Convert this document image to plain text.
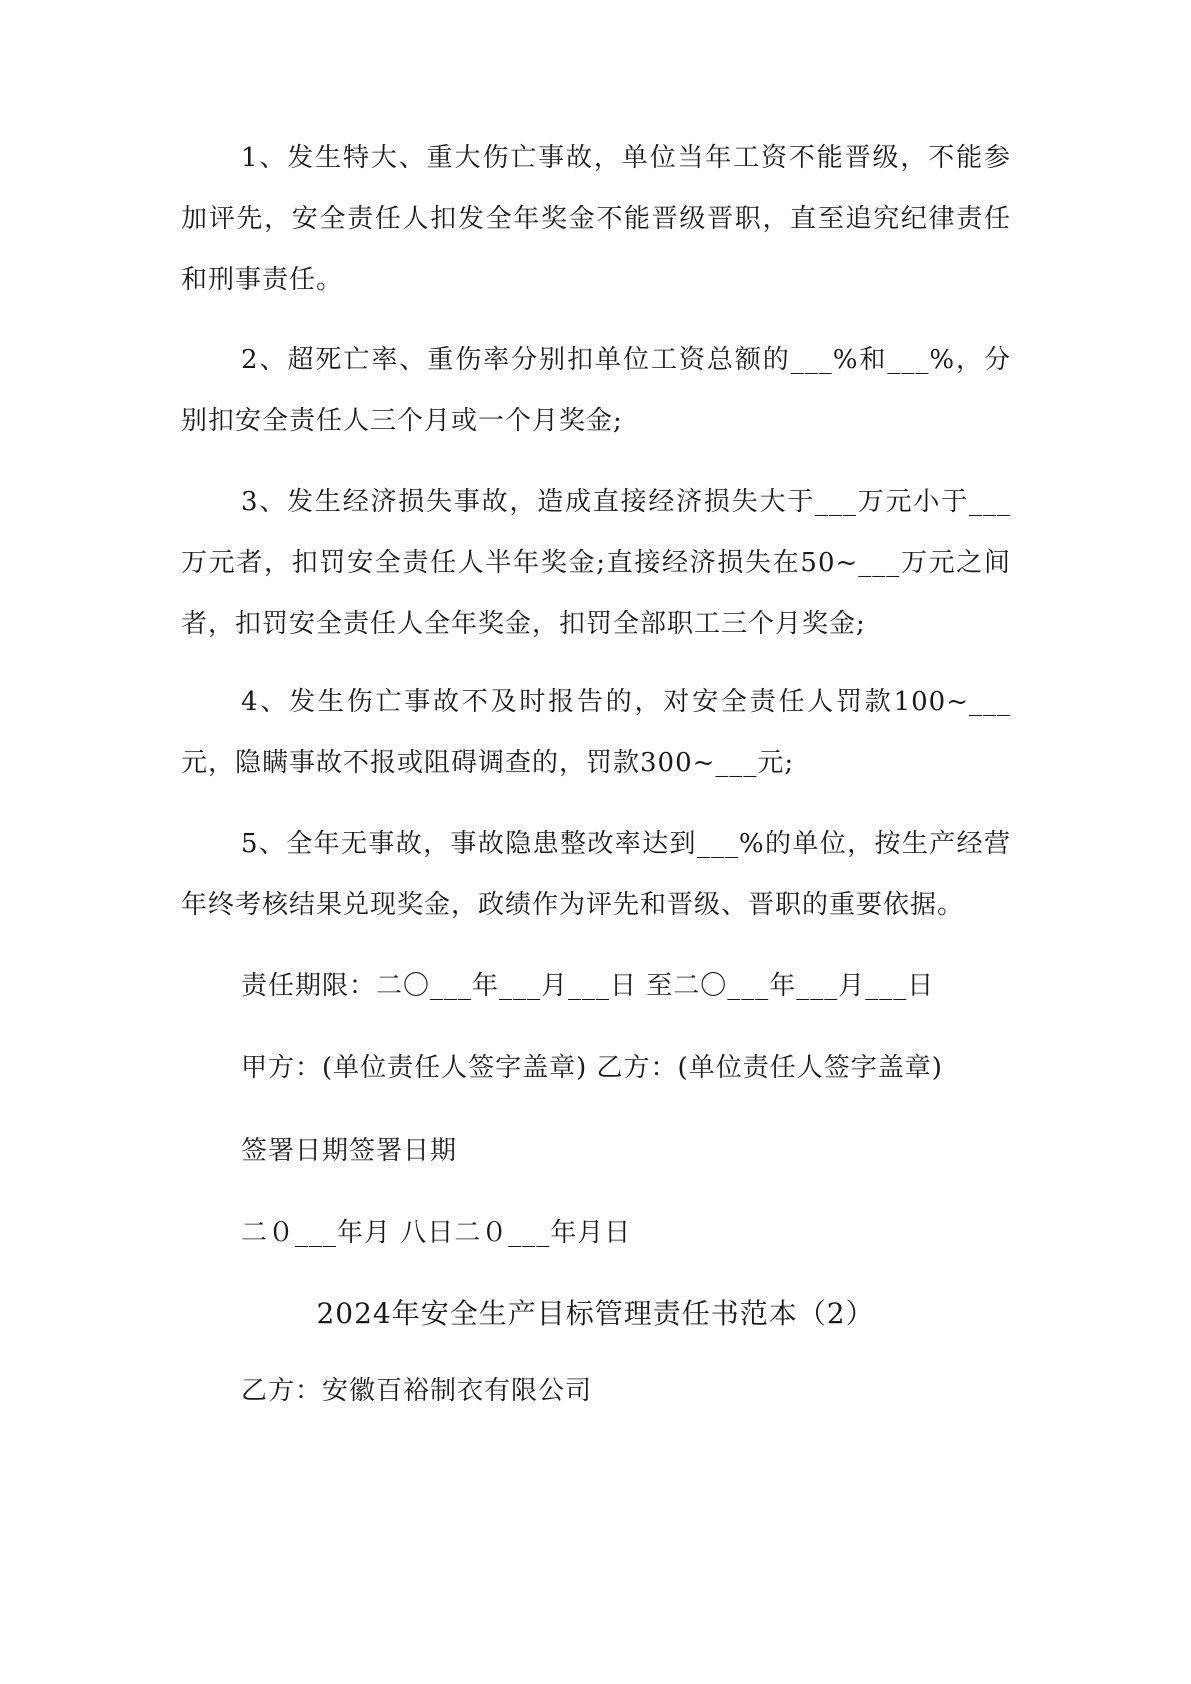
1、发生特大、重大伤亡事故，单位当年工资不能晋级，不能参加评先，安全责任人扣发全年奖金不能晋级晋职，直至追究纪律责任和刑事责任。

2、超死亡率、重伤率分别扣单位工资总额的___%和___%，分别扣安全责任人三个月或一个月奖金;

3、发生经济损失事故，造成直接经济损失大于___万元小于___万元者，扣罚安全责任人半年奖金;直接经济损失在50~___万元之间者，扣罚安全责任人全年奖金，扣罚全部职工三个月奖金;

4、发生伤亡事故不及时报告的，对安全责任人罚款100~___元，隐瞒事故不报或阻碍调查的，罚款300~___元;

5、全年无事故，事故隐患整改率达到___%的单位，按生产经营年终考核结果兑现奖金，政绩作为评先和晋级、晋职的重要依据。

责任期限：二〇___年___月___日 至二〇___年___月___日

甲方：(单位责任人签字盖章) 乙方：(单位责任人签字盖章)

签署日期签署日期

二０___年月 八日二０___年月日

2024年安全生产目标管理责任书范本（2）

乙方：安徽百裕制衣有限公司
